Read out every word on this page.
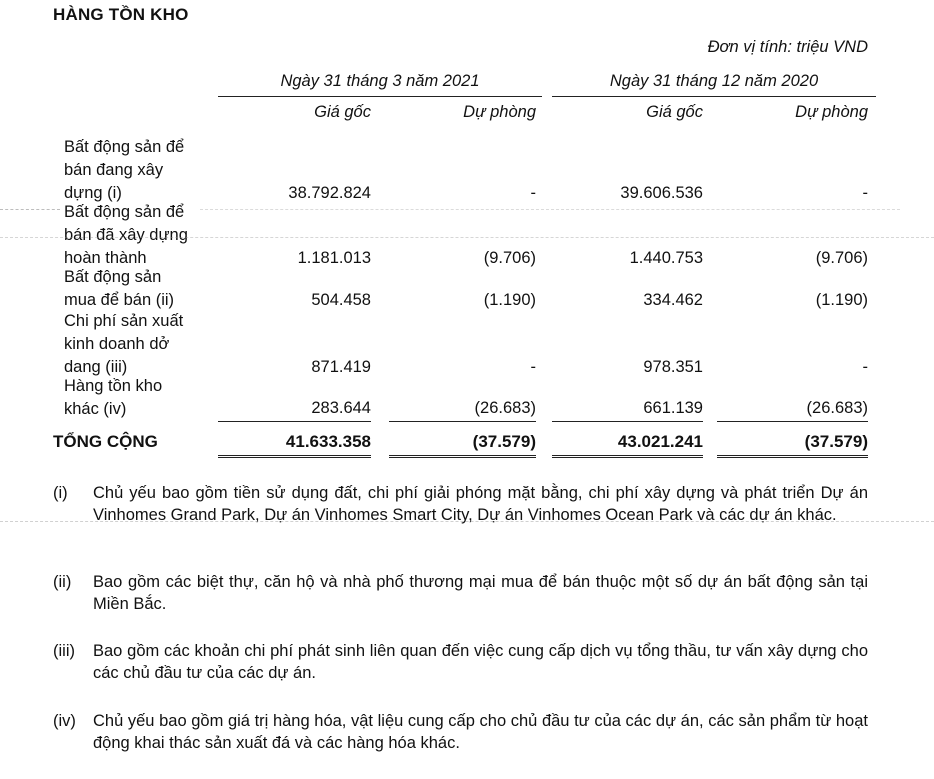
HÀNG TỒN KHO
Đơn vị tính: triệu VND
Ngày 31 tháng 3 năm 2021	Ngày 31 tháng 12 năm 2020
Giá gốc	Dự phòng	Giá gốc	Dự phòng
Bất động sản để
bán đang xây
dựng (i)	38.792.824	-	39.606.536	-
Bất động sản để
bán đã xây dựng
hoàn thành	1.181.013	(9.706)	1.440.753	(9.706)
Bất động sản
mua để bán (ii)	504.458	(1.190)	334.462	(1.190)
Chi phí sản xuất
kinh doanh dở
dang (iii)	871.419	-	978.351	-
Hàng tồn kho
khác (iv)	283.644	(26.683)	661.139	(26.683)
TỔNG CỘNG	41.633.358	(37.579)	43.021.241	(37.579)
(i) Chủ yếu bao gồm tiền sử dụng đất, chi phí giải phóng mặt bằng, chi phí xây dựng và phát triển Dự án Vinhomes Grand Park, Dự án Vinhomes Smart City, Dự án Vinhomes Ocean Park và các dự án khác.
(ii) Bao gồm các biệt thự, căn hộ và nhà phố thương mại mua để bán thuộc một số dự án bất động sản tại Miền Bắc.
(iii) Bao gồm các khoản chi phí phát sinh liên quan đến việc cung cấp dịch vụ tổng thầu, tư vấn xây dựng cho các chủ đầu tư của các dự án.
(iv) Chủ yếu bao gồm giá trị hàng hóa, vật liệu cung cấp cho chủ đầu tư của các dự án, các sản phẩm từ hoạt động khai thác sản xuất đá và các hàng hóa khác.
